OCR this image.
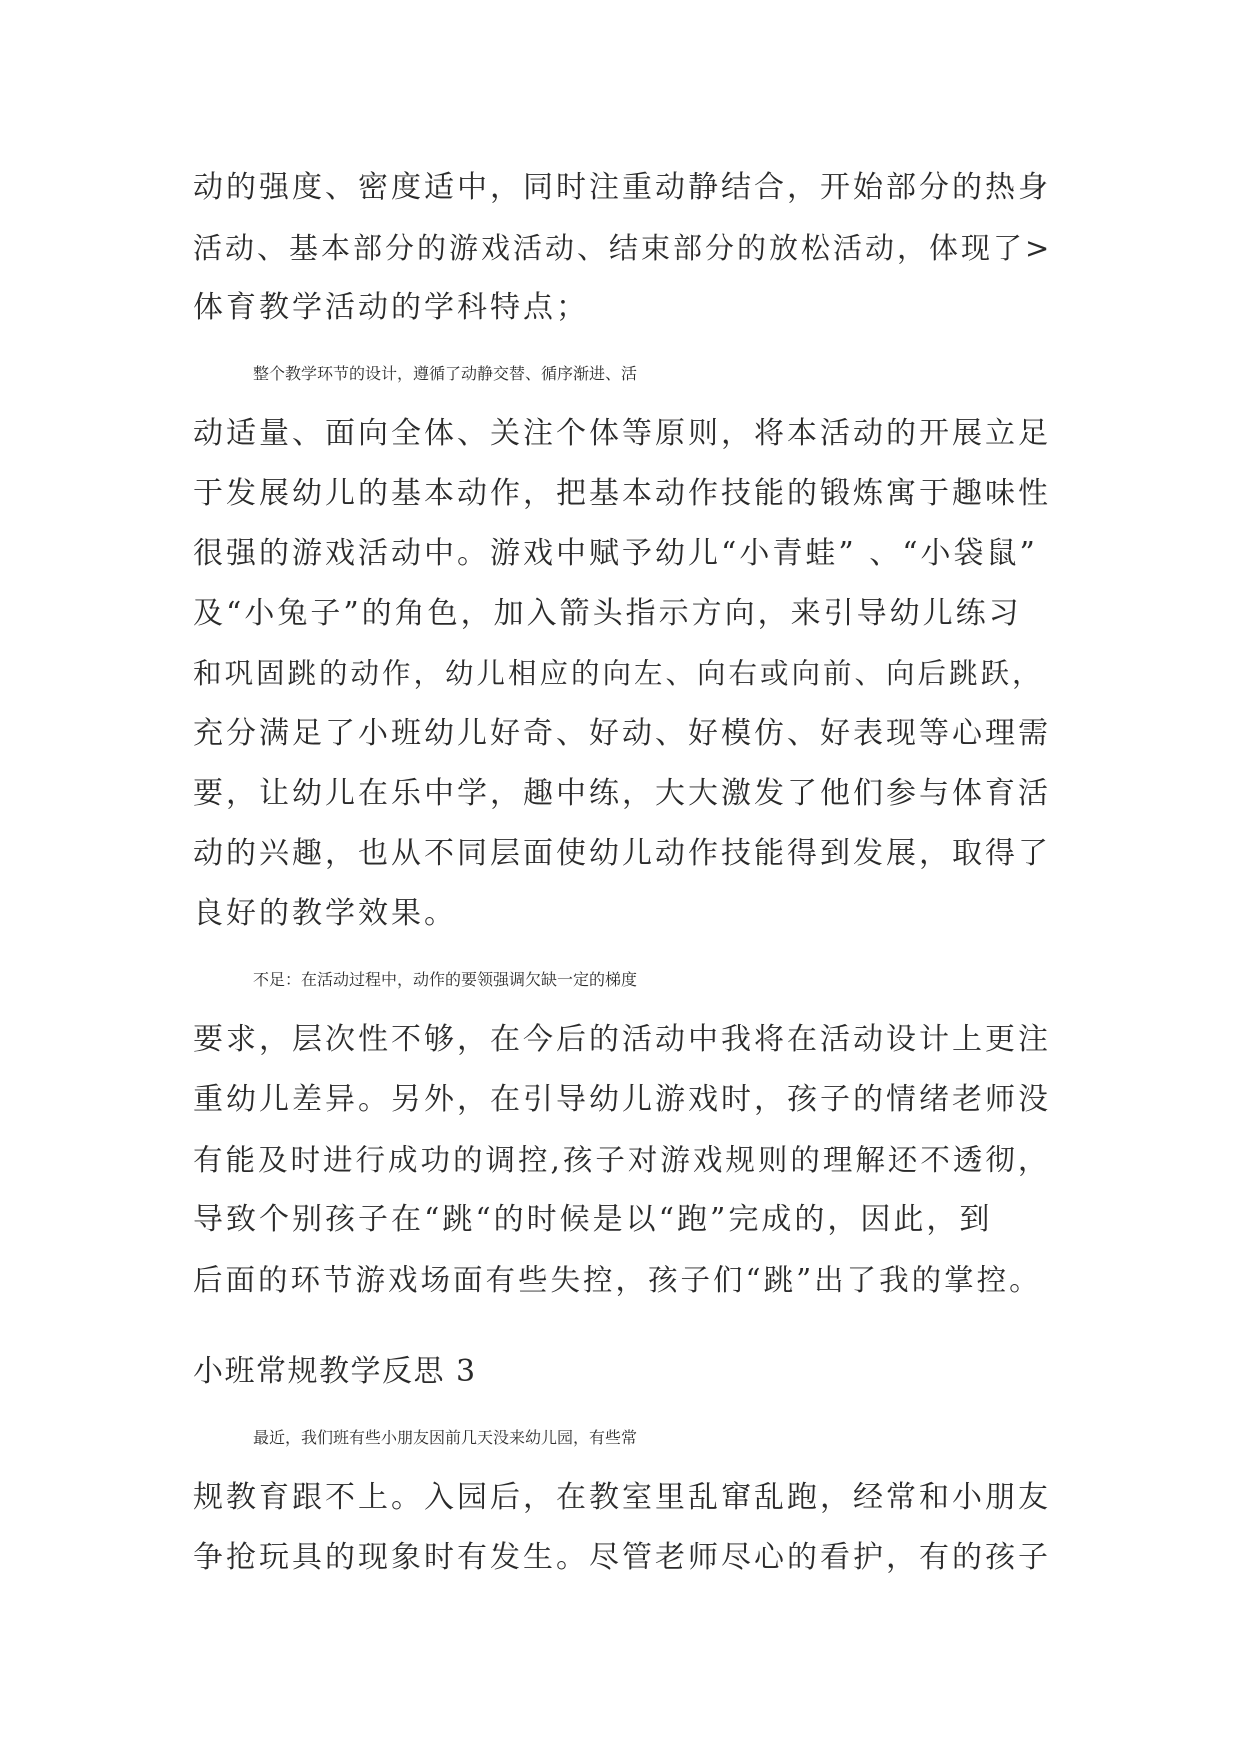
动的强度、密度适中，同时注重动静结合，开始部分的热身
活动、基本部分的游戏活动、结束部分的放松活动，体现了>
体育教学活动的学科特点；
整个教学环节的设计，遵循了动静交替、循序渐进、活
动适量、面向全体、关注个体等原则，将本活动的开展立足
于发展幼儿的基本动作，把基本动作技能的锻炼寓于趣味性
很强的游戏活动中。游戏中赋予幼儿“小青蛙” 、“小袋鼠”
及“小兔子”的角色，加入箭头指示方向，来引导幼儿练习
和巩固跳的动作，幼儿相应的向左、向右或向前、向后跳跃，
充分满足了小班幼儿好奇、好动、好模仿、好表现等心理需
要，让幼儿在乐中学，趣中练，大大激发了他们参与体育活
动的兴趣，也从不同层面使幼儿动作技能得到发展，取得了
良好的教学效果。
不足：在活动过程中，动作的要领强调欠缺一定的梯度
要求，层次性不够，在今后的活动中我将在活动设计上更注
重幼儿差异。另外，在引导幼儿游戏时，孩子的情绪老师没
有能及时进行成功的调控,孩子对游戏规则的理解还不透彻，
导致个别孩子在“跳“的时候是以“跑”完成的，因此，到
后面的环节游戏场面有些失控，孩子们“跳”出了我的掌控。
小班常规教学反思 3
最近，我们班有些小朋友因前几天没来幼儿园，有些常
规教育跟不上。入园后，在教室里乱窜乱跑，经常和小朋友
争抢玩具的现象时有发生。尽管老师尽心的看护，有的孩子
